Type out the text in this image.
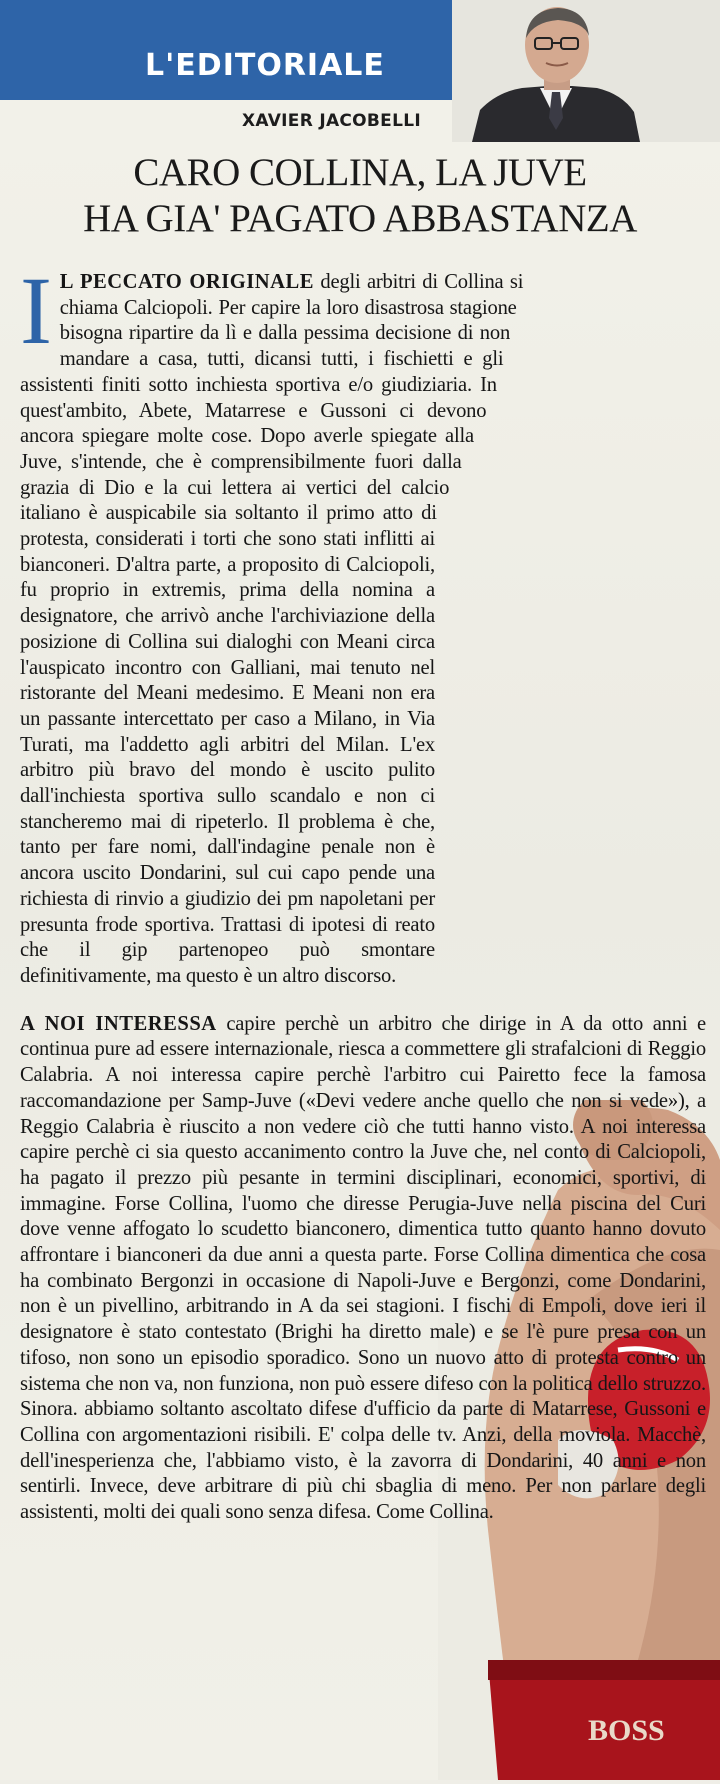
L'EDITORIALE
XAVIER JACOBELLI
CARO COLLINA, LA JUVE
HA GIA' PAGATO ABBASTANZA
BOSS

I L PECCATO ORIGINALE degli arbitri di Collina si chiama Calciopoli. Per capire la loro disastrosa stagione bisogna ripartire da lì e dalla pessima decisione di non mandare a casa, tutti, dicansi tutti, i fischietti e gli assistenti finiti sotto inchiesta sportiva e/o giudiziaria. In quest'ambito, Abete, Matarrese e Gussoni ci devono ancora spiegare molte cose. Dopo averle spiegate alla Juve, s'intende, che è comprensibilmente fuori dalla grazia di Dio e la cui lettera ai vertici del calcio italiano è auspicabile sia soltanto il primo atto di protesta, considerati i torti che sono stati inflitti ai bianconeri. D'altra parte, a proposito di Calciopoli, fu proprio in extremis, prima della nomina a designatore, che arrivò anche l'archiviazione della posizione di Collina sui dialoghi con Meani circa l'auspicato incontro con Galliani, mai tenuto nel ristorante del Meani medesimo. E Meani non era un passante intercettato per caso a Milano, in Via Turati, ma l'addetto agli arbitri del Milan. L'ex arbitro più bravo del mondo è uscito pulito dall'inchiesta sportiva sullo scandalo e non ci stancheremo mai di ripeterlo. Il problema è che, tanto per fare nomi, dall'indagine penale non è ancora uscito Dondarini, sul cui capo pende una richiesta di rinvio a giudizio dei pm napoletani per presunta frode sportiva. Trattasi di ipotesi di reato che il gip partenopeo può smontare definitivamente, ma questo è un altro discorso.

A NOI INTERESSA capire perchè un arbitro che dirige in A da otto anni e continua pure ad essere internazionale, riesca a commettere gli strafalcioni di Reggio Calabria. A noi interessa capire perchè l'arbitro cui Pairetto fece la famosa raccomandazione per Samp-Juve («Devi vedere anche quello che non si vede»), a Reggio Calabria è riuscito a non vedere ciò che tutti hanno visto. A noi interessa capire perchè ci sia questo accanimento contro la Juve che, nel conto di Calciopoli, ha pagato il prezzo più pesante in termini disciplinari, economici, sportivi, di immagine. Forse Collina, l'uomo che diresse Perugia-Juve nella piscina del Curi dove venne affogato lo scudetto bianconero, dimentica tutto quanto hanno dovuto affrontare i bianconeri da due anni a questa parte. Forse Collina dimentica che cosa ha combinato Bergonzi in occasione di Napoli-Juve e Bergonzi, come Dondarini, non è un pivellino, arbitrando in A da sei stagioni. I fischi di Empoli, dove ieri il designatore è stato contestato (Brighi ha diretto male) e se l'è pure presa con un tifoso, non sono un episodio sporadico. Sono un nuovo atto di protesta contro un sistema che non va, non funziona, non può essere difeso con la politica dello struzzo. Sinora. abbiamo soltanto ascoltato difese d'ufficio da parte di Matarrese, Gussoni e Collina con argomentazioni risibili. E' colpa delle tv. Anzi, della moviola. Macchè, dell'inesperienza che, l'abbiamo visto, è la zavorra di Dondarini, 40 anni e non sentirli. Invece, deve arbitrare di più chi sbaglia di meno. Per non parlare degli assistenti, molti dei quali sono senza difesa. Come Collina.
